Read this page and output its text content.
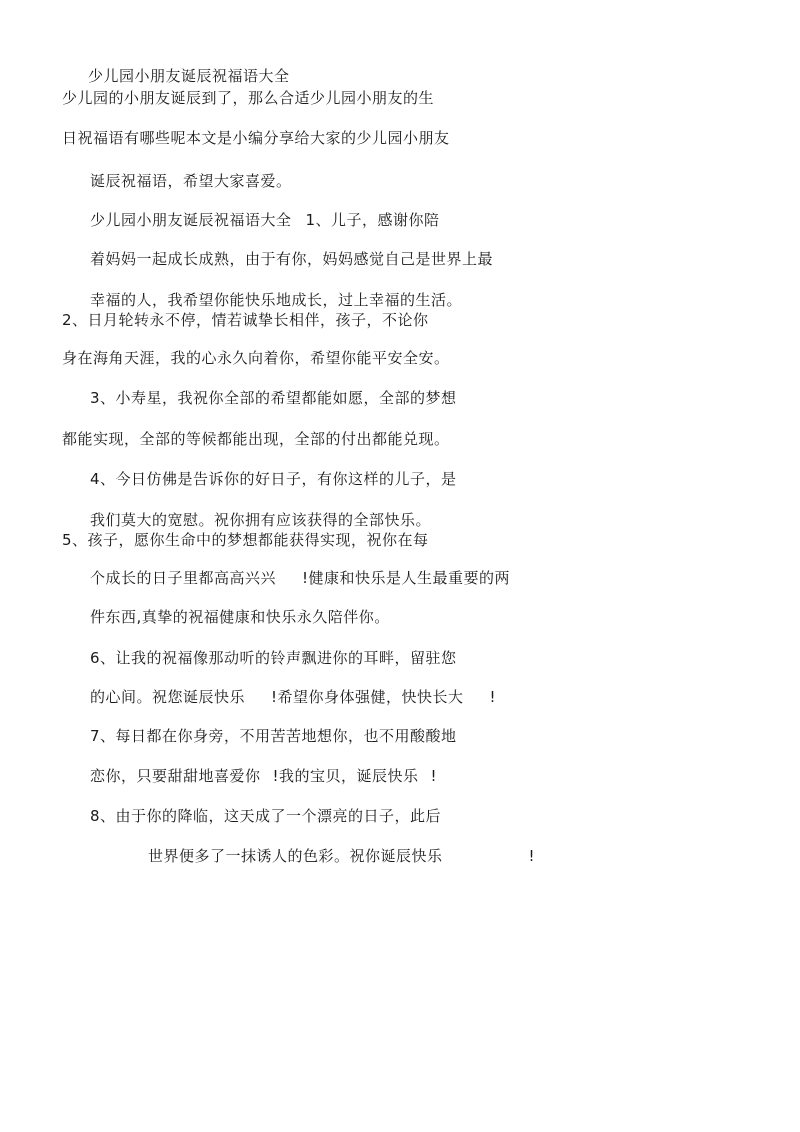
少儿园小朋友诞辰祝福语大全
少儿园的小朋友诞辰到了，那么合适少儿园小朋友的生
日祝福语有哪些呢本文是小编分享给大家的少儿园小朋友
诞辰祝福语，希望大家喜爱。
少儿园小朋友诞辰祝福语大全 1、儿子，感谢你陪
着妈妈一起成长成熟，由于有你，妈妈感觉自己是世界上最
幸福的人，我希望你能快乐地成长，过上幸福的生活。
2、日月轮转永不停，情若诚挚长相伴，孩子，不论你
身在海角天涯，我的心永久向着你，希望你能平安全安。
3、小寿星，我祝你全部的希望都能如愿，全部的梦想
都能实现，全部的等候都能出现，全部的付出都能兑现。
4、今日仿佛是告诉你的好日子，有你这样的儿子，是
我们莫大的宽慰。祝你拥有应该获得的全部快乐。
5、孩子，愿你生命中的梦想都能获得实现，祝你在每
个成长的日子里都高高兴兴 !健康和快乐是人生最重要的两
件东西,真挚的祝福健康和快乐永久陪伴你。
6、让我的祝福像那动听的铃声飘进你的耳畔，留驻您
的心间。祝您诞辰快乐 !希望你身体强健，快快长大 !
7、每日都在你身旁，不用苦苦地想你，也不用酸酸地
恋你，只要甜甜地喜爱你 !我的宝贝，诞辰快乐 !
8、由于你的降临，这天成了一个漂亮的日子，此后
世界便多了一抹诱人的色彩。祝你诞辰快乐	!
